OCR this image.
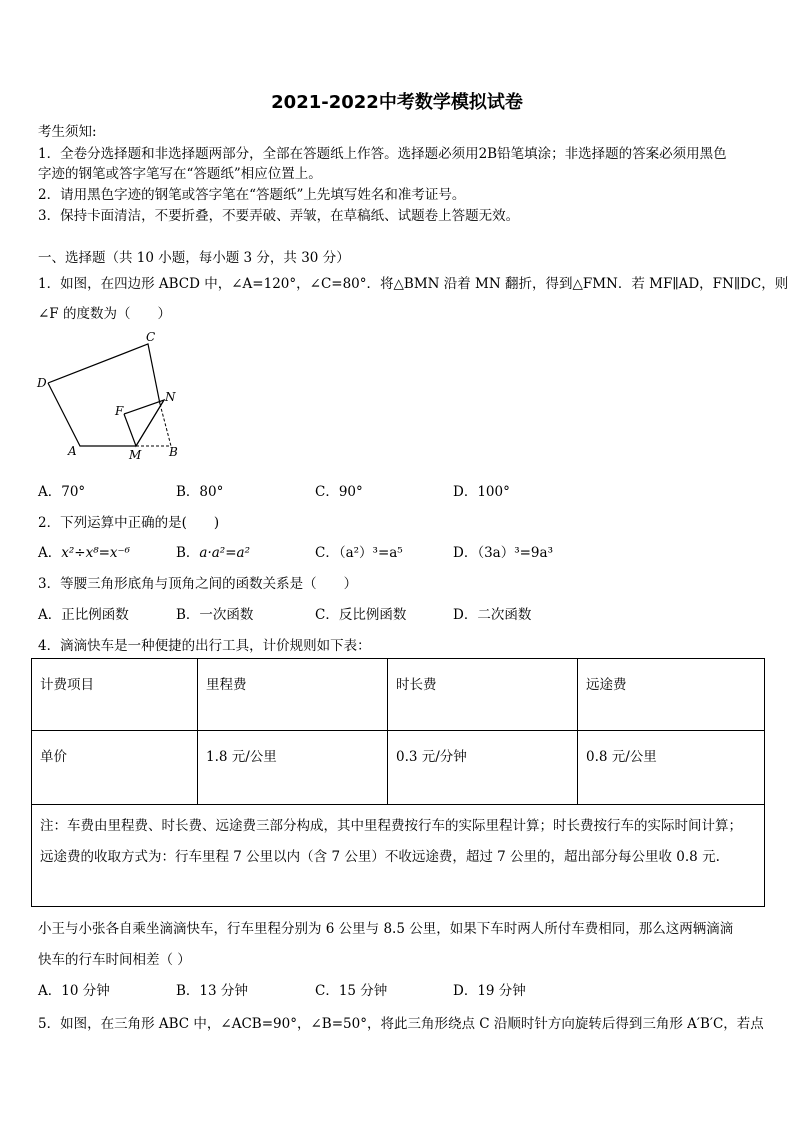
2021-2022中考数学模拟试卷
考生须知:
1．全卷分选择题和非选择题两部分，全部在答题纸上作答。选择题必须用2B铅笔填涂；非选择题的答案必须用黑色
字迹的钢笔或答字笔写在“答题纸”相应位置上。
2．请用黑色字迹的钢笔或答字笔在“答题纸”上先填写姓名和准考证号。
3．保持卡面清洁，不要折叠，不要弄破、弄皱，在草稿纸、试题卷上答题无效。
一、选择题（共 10 小题，每小题 3 分，共 30 分）
1．如图，在四边形 ABCD 中，∠A=120°，∠C=80°．将△BMN 沿着 MN 翻折，得到△FMN．若 MF∥AD，FN∥DC，则
∠F 的度数为（　　）
C
D
F
N
A	M B
A．70°	B．80°	C．90°	D．100°
2．下列运算中正确的是(　　)
A．x²÷x⁸=x⁻⁶	B．a·a²=a²	C．（a²）³=a⁵	D．（3a）³=9a³
3．等腰三角形底角与顶角之间的函数关系是（　　）
A．正比例函数	B．一次函数	C．反比例函数	D．二次函数
4．滴滴快车是一种便捷的出行工具，计价规则如下表：
计费项目	里程费	时长费	远途费
单价	1.8 元/公里	0.3 元/分钟	0.8 元/公里

注：车费由里程费、时长费、远途费三部分构成，其中里程费按行车的实际里程计算；时长费按行车的实际时间计算；
远途费的收取方式为：行车里程 7 公里以内（含 7 公里）不收远途费，超过 7 公里的，超出部分每公里收 0.8 元.			
小王与小张各自乘坐滴滴快车，行车里程分别为 6 公里与 8.5 公里，如果下车时两人所付车费相同，那么这两辆滴滴
快车的行车时间相差（ ）
A．10 分钟	B．13 分钟	C．15 分钟	D．19 分钟
5．如图，在三角形 ABC 中，∠ACB=90°，∠B=50°，将此三角形绕点 C 沿顺时针方向旋转后得到三角形 A′B′C，若点
